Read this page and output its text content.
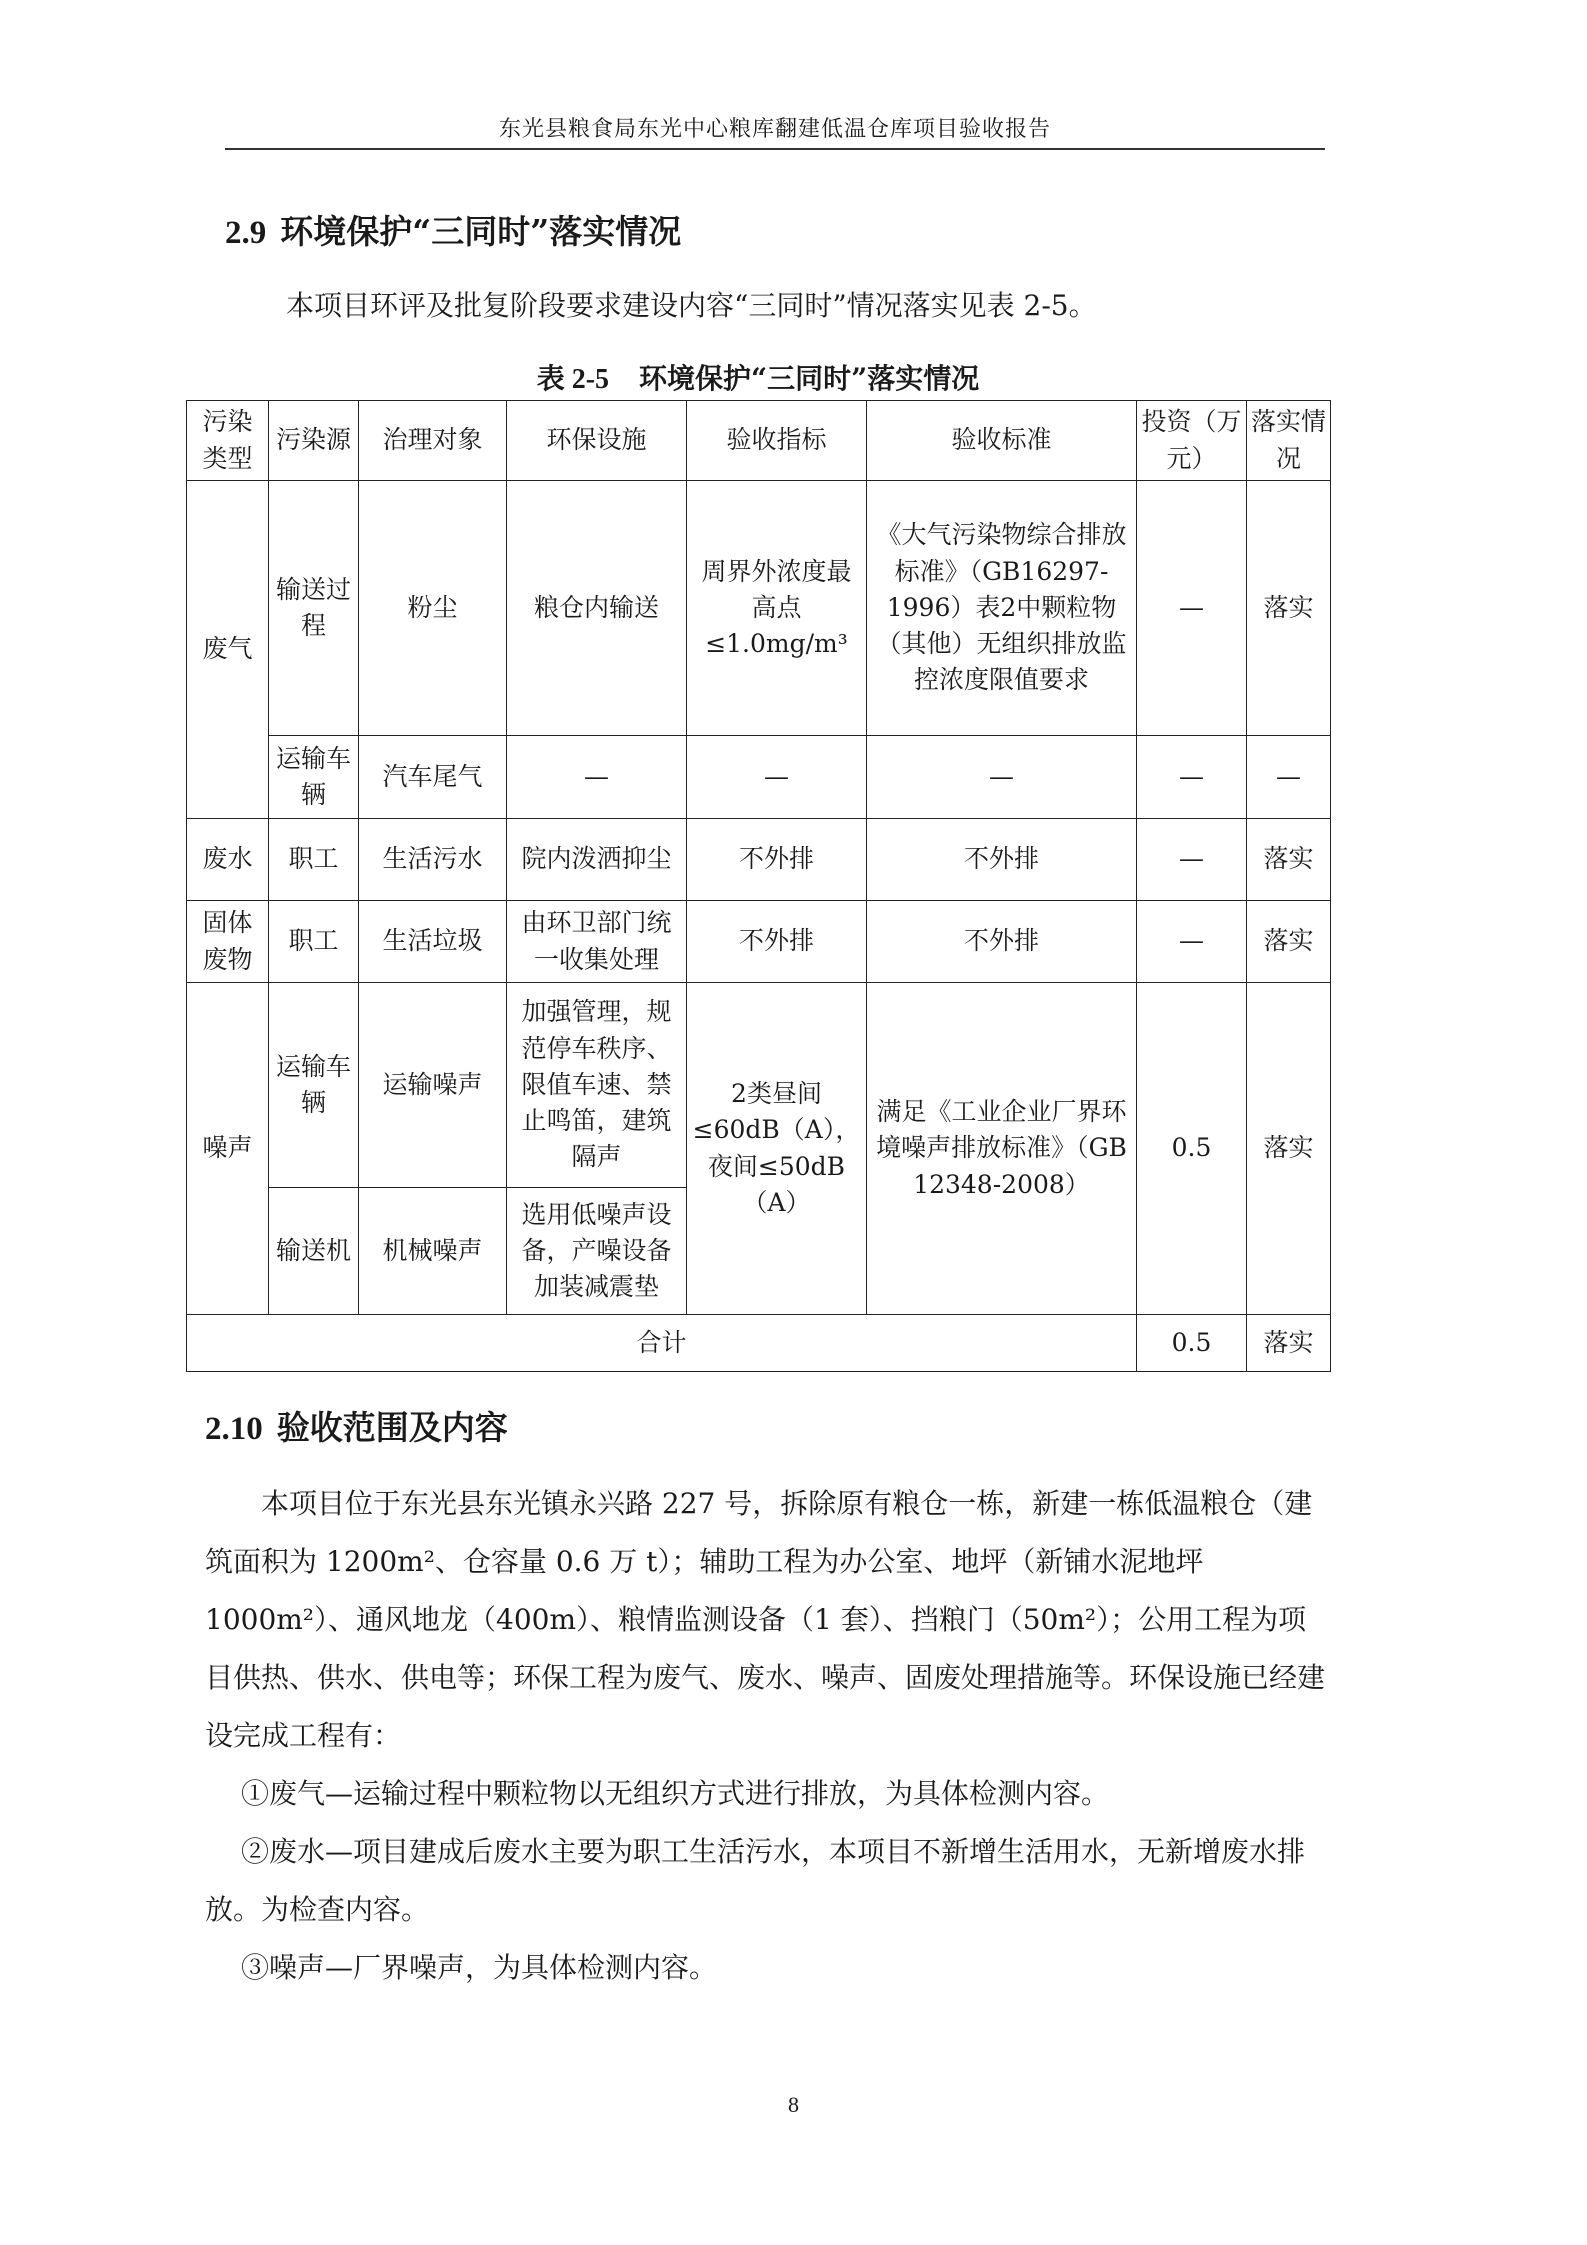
东光县粮食局东光中心粮库翻建低温仓库项目验收报告
2.9 环境保护“三同时”落实情况

本项目环评及批复阶段要求建设内容“三同时”情况落实见表 2-5。

表 2-5 环境保护“三同时”落实情况
污染类型	污染源	治理对象	环保设施	验收指标	验收标准	投资（万元）	落实情况
废气	输送过程	粉尘	粮仓内输送	周界外浓度最高点≤1.0mg/m³	《大气污染物综合排放标准》（GB16297-1996）表2中颗粒物（其他）无组织排放监控浓度限值要求	—	落实
	运输车辆	汽车尾气	—	—	—	—	—
废水	职工	生活污水	院内泼洒抑尘	不外排	不外排	—	落实
固体废物	职工	生活垃圾	由环卫部门统一收集处理	不外排	不外排	—	落实
噪声	运输车辆	运输噪声	加强管理，规范停车秩序、限值车速、禁止鸣笛，建筑隔声	2类昼间≤60dB（A），夜间≤50dB（A）	满足《工业企业厂界环境噪声排放标准》（GB 12348-2008）	0.5	落实
	输送机	机械噪声	选用低噪声设备，产噪设备加装减震垫				
合计						0.5	落实
2.10 验收范围及内容

本项目位于东光县东光镇永兴路 227 号，拆除原有粮仓一栋，新建一栋低温粮仓（建筑面积为 1200m²、仓容量 0.6 万 t）；辅助工程为办公室、地坪（新铺水泥地坪 1000m²）、通风地龙（400m）、粮情监测设备（1 套）、挡粮门（50m²）；公用工程为项目供热、供水、供电等；环保工程为废气、废水、噪声、固废处理措施等。环保设施已经建设完成工程有：

①废气—运输过程中颗粒物以无组织方式进行排放，为具体检测内容。

②废水—项目建成后废水主要为职工生活污水，本项目不新增生活用水，无新增废水排放。为检查内容。

③噪声—厂界噪声，为具体检测内容。

8
